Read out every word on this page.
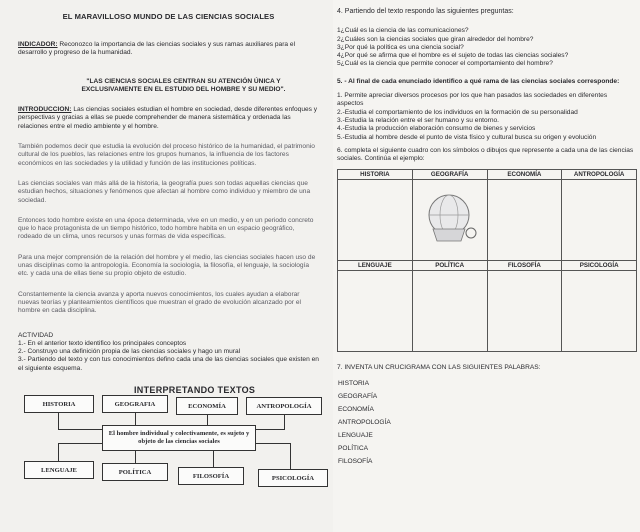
EL MARAVILLOSO MUNDO DE LAS CIENCIAS SOCIALES

INDICADOR: Reconozco la importancia de las ciencias sociales y sus ramas auxiliares para el desarrollo y progreso de la humanidad.

"LAS CIENCIAS SOCIALES CENTRAN SU ATENCIÓN ÚNICA Y EXCLUSIVAMENTE EN EL ESTUDIO DEL HOMBRE Y SU MEDIO".

INTRODUCCION: Las ciencias sociales estudian el hombre en sociedad, desde diferentes enfoques y perspectivas y gracias a ellas se puede comprehender de manera sistemática y ordenada las relaciones entre el medio ambiente y el hombre.

También podemos decir que estudia la evolución del proceso histórico de la humanidad, el patrimonio cultural de los pueblos, las relaciones entre los grupos humanos, la influencia de los factores económicos en las sociedades y la utilidad y función de las instituciones políticas.

Las ciencias sociales van más allá de la historia, la geografía pues son todas aquellas ciencias que estudian hechos, situaciones y fenómenos que afectan al hombre como individuo y miembro de una sociedad.

Entonces todo hombre existe en una época determinada, vive en un medio, y en un periodo concreto que lo hace protagonista de un tiempo histórico, todo hombre habita en un espacio geográfico, rodeado de un clima, unos recursos y unas formas de vida específicas.

Para una mejor comprensión de la relación del hombre y el medio, las ciencias sociales hacen uso de unas disciplinas como la antropología. Economía la sociología, la filosofía, el lenguaje, la sociología etc. y cada una de ellas tiene su propio objeto de estudio.

Constantemente la ciencia avanza y aporta nuevos conocimientos, los cuales ayudan a elaborar nuevas teorías y planteamientos científicos que muestran el grado de evolución alcanzado por el hombre en cada disciplina.

ACTIVIDAD

1.- En el anterior texto identifico los principales conceptos

2.- Construyo una definición propia de las ciencias sociales y hago un mural

3.- Partiendo del texto y con tus conocimientos defino cada una de las ciencias sociales que existen en el siguiente esquema.

INTERPRETANDO TEXTOS
HISTORIA	GEOGRAFIA	ECONOMÍA	ANTROPOLOGÍA
El hombre individual y colectivamente, es sujeto y objeto de las ciencias sociales
LENGUAJE	POLÍTICA
FILOSOFÍA	PSICOLOGÍA

4. Partiendo del texto respondo las siguientes preguntas:

1¿Cuál es la ciencia de las comunicaciones?

2¿Cuáles son la ciencias sociales que giran alrededor del hombre?

3¿Por qué la política es una ciencia social?

4¿Por qué se afirma que el hombre es el sujeto de todas las ciencias sociales?

5¿Cuál es la ciencia que permite conocer el comportamiento del hombre?

5. - Al final de cada enunciado identifico a qué rama de las ciencias sociales corresponde:

1. Permite apreciar diversos procesos por los que han pasados las sociedades en diferentes aspectos

2.-Estudia el comportamiento de los individuos en la formación de su personalidad

3.-Estudia la relación entre el ser humano y su entorno.

4.-Estudia la producción elaboración consumo de bienes y servicios

5.-Estudia al hombre desde el punto de vista físico y cultural busca su origen y evolución

6. completa el siguiente cuadro con los símbolos o dibujos que represente a cada una de las ciencias sociales. Continúa el ejemplo:

HISTORIA	GEOGRAFÍA	ECONOMÍA	ANTROPOLOGÍA

LENGUAJE	POLÍTICA	FILOSOFÍA	PSICOLOGÍA

7. INVENTA UN CRUCIGRAMA CON LAS SIGUIENTES PALABRAS:

HISTORIA

GEOGRAFÍA

ECONOMÍA

ANTROPOLOGÍA

LENGUAJE

POLÍTICA

FILOSOFÍA
